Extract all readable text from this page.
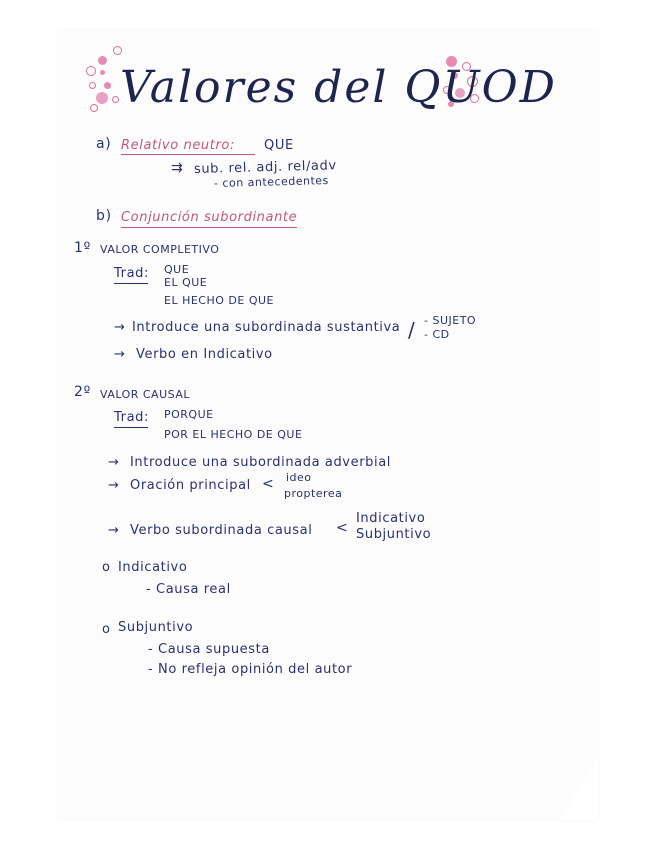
Valores del QUOD
a) Relativo neutro: QUE
⇉ sub. rel. adj. rel/adv
- con antecedentes
b) Conjunción subordinante
1º VALOR COMPLETIVO
Trad: QUE
EL QUE
EL HECHO DE QUE
→ Introduce una subordinada sustantiva / - SUJETO
- CD
→ Verbo en Indicativo
2º VALOR CAUSAL
Trad: PORQUE
POR EL HECHO DE QUE
→ Introduce una subordinada adverbial
→ Oración principal < ideo
propterea
→ Verbo subordinada causal <
Indicativo
Subjuntivo
o Indicativo
- Causa real
o Subjuntivo
- Causa supuesta
- No refleja opinión del autor
